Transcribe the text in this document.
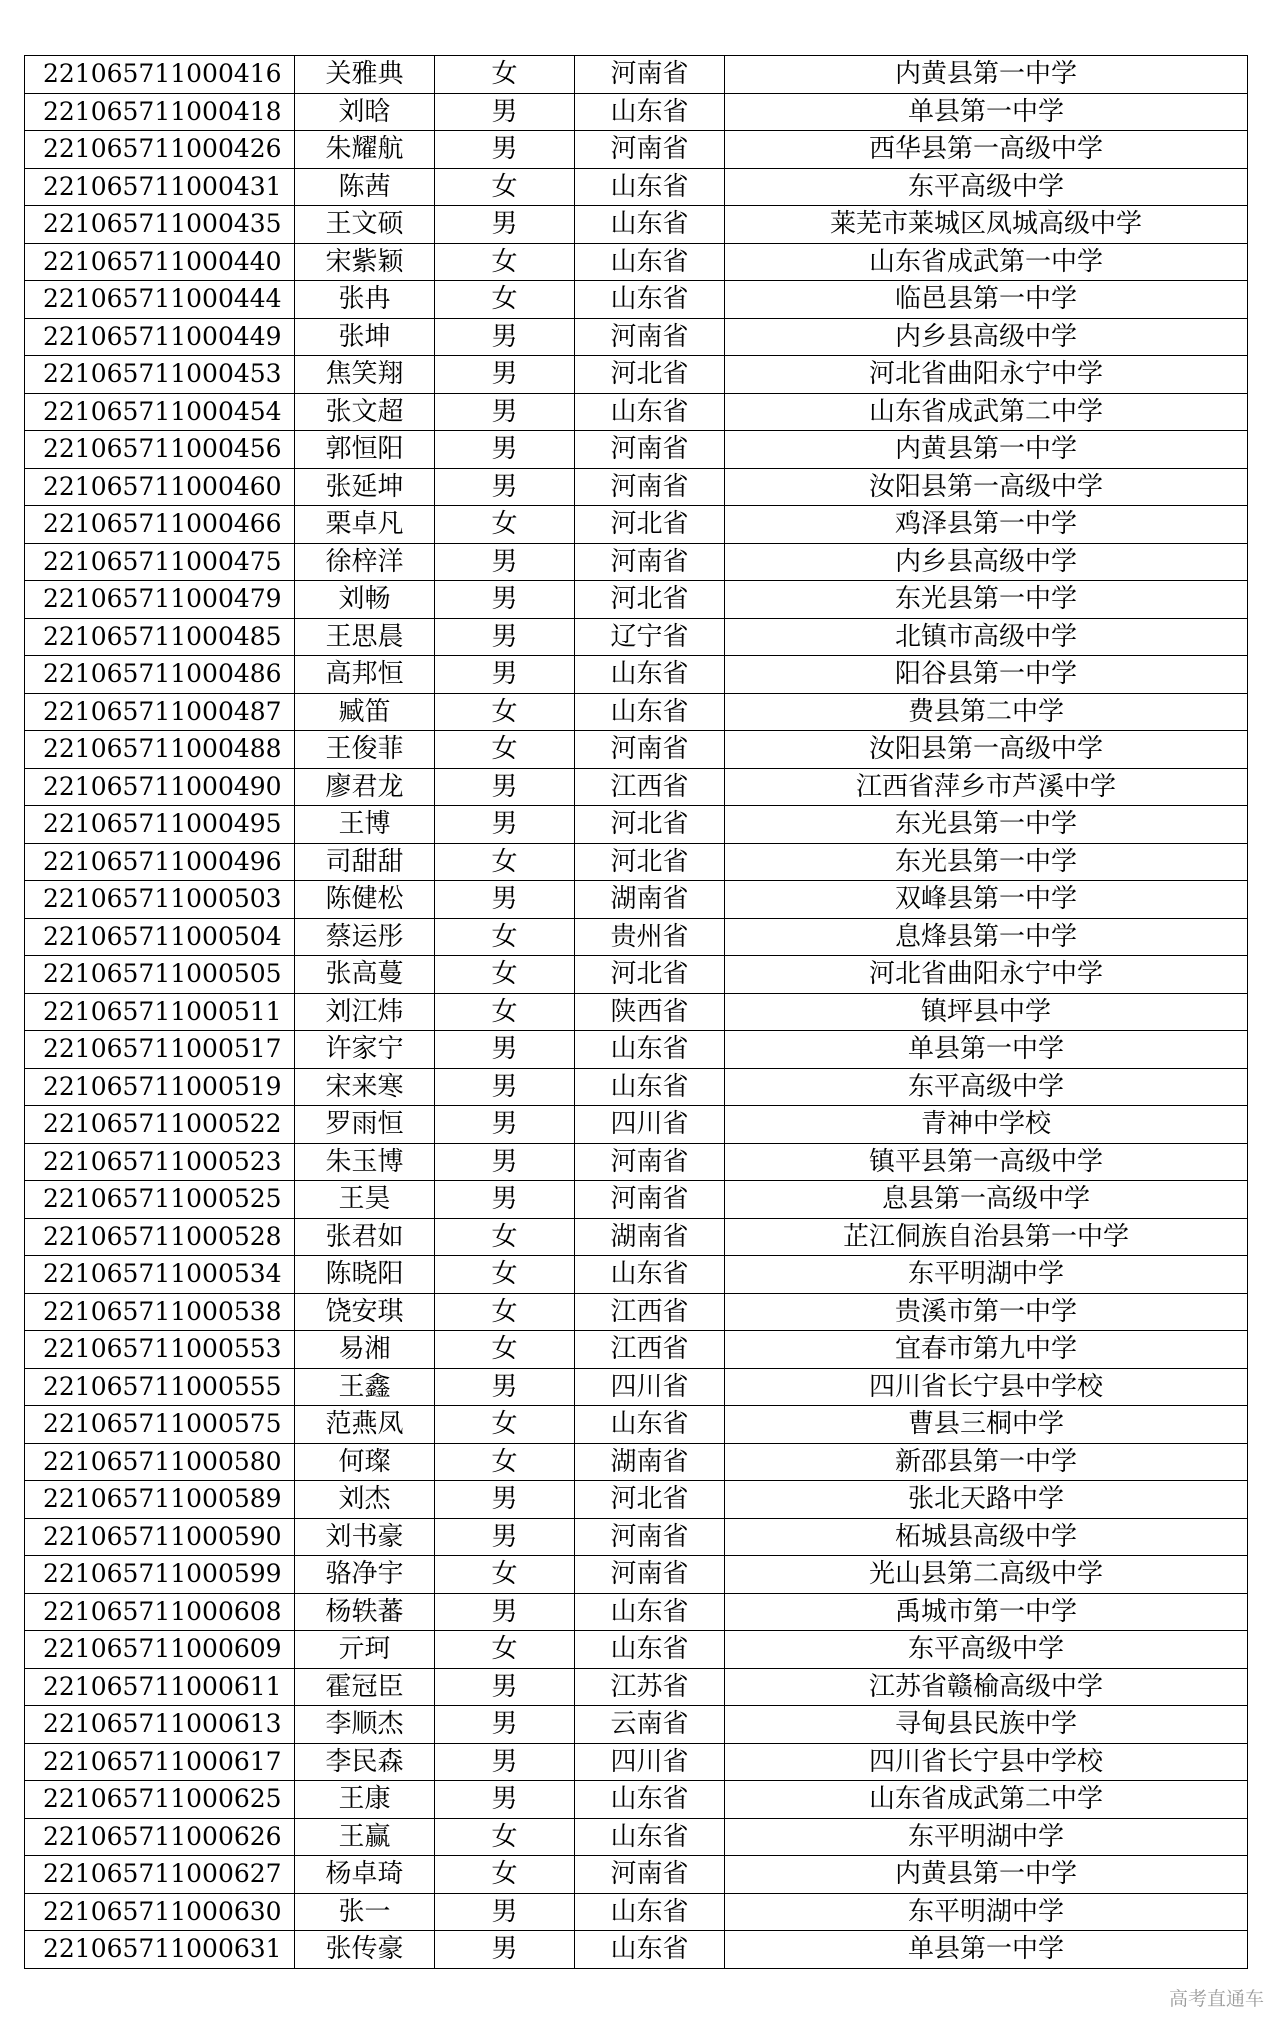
221065711000416	关雅典	女	河南省	内黄县第一中学
221065711000418	刘晗	男	山东省	单县第一中学
221065711000426	朱耀航	男	河南省	西华县第一高级中学
221065711000431	陈茜	女	山东省	东平高级中学
221065711000435	王文硕	男	山东省	莱芜市莱城区凤城高级中学
221065711000440	宋紫颖	女	山东省	山东省成武第一中学
221065711000444	张冉	女	山东省	临邑县第一中学
221065711000449	张坤	男	河南省	内乡县高级中学
221065711000453	焦笑翔	男	河北省	河北省曲阳永宁中学
221065711000454	张文超	男	山东省	山东省成武第二中学
221065711000456	郭恒阳	男	河南省	内黄县第一中学
221065711000460	张延坤	男	河南省	汝阳县第一高级中学
221065711000466	栗卓凡	女	河北省	鸡泽县第一中学
221065711000475	徐梓洋	男	河南省	内乡县高级中学
221065711000479	刘畅	男	河北省	东光县第一中学
221065711000485	王思晨	男	辽宁省	北镇市高级中学
221065711000486	高邦恒	男	山东省	阳谷县第一中学
221065711000487	臧笛	女	山东省	费县第二中学
221065711000488	王俊菲	女	河南省	汝阳县第一高级中学
221065711000490	廖君龙	男	江西省	江西省萍乡市芦溪中学
221065711000495	王博	男	河北省	东光县第一中学
221065711000496	司甜甜	女	河北省	东光县第一中学
221065711000503	陈健松	男	湖南省	双峰县第一中学
221065711000504	蔡运彤	女	贵州省	息烽县第一中学
221065711000505	张高蔓	女	河北省	河北省曲阳永宁中学
221065711000511	刘江炜	女	陕西省	镇坪县中学
221065711000517	许家宁	男	山东省	单县第一中学
221065711000519	宋来寒	男	山东省	东平高级中学
221065711000522	罗雨恒	男	四川省	青神中学校
221065711000523	朱玉博	男	河南省	镇平县第一高级中学
221065711000525	王昊	男	河南省	息县第一高级中学
221065711000528	张君如	女	湖南省	芷江侗族自治县第一中学
221065711000534	陈晓阳	女	山东省	东平明湖中学
221065711000538	饶安琪	女	江西省	贵溪市第一中学
221065711000553	易湘	女	江西省	宜春市第九中学
221065711000555	王鑫	男	四川省	四川省长宁县中学校
221065711000575	范燕凤	女	山东省	曹县三桐中学
221065711000580	何璨	女	湖南省	新邵县第一中学
221065711000589	刘杰	男	河北省	张北天路中学
221065711000590	刘书豪	男	河南省	柘城县高级中学
221065711000599	骆净宇	女	河南省	光山县第二高级中学
221065711000608	杨轶蕃	男	山东省	禹城市第一中学
221065711000609	亓珂	女	山东省	东平高级中学
221065711000611	霍冠臣	男	江苏省	江苏省赣榆高级中学
221065711000613	李顺杰	男	云南省	寻甸县民族中学
221065711000617	李民森	男	四川省	四川省长宁县中学校
221065711000625	王康	男	山东省	山东省成武第二中学
221065711000626	王赢	女	山东省	东平明湖中学
221065711000627	杨卓琦	女	河南省	内黄县第一中学
221065711000630	张一	男	山东省	东平明湖中学
221065711000631	张传豪	男	山东省	单县第一中学
高考直通车
